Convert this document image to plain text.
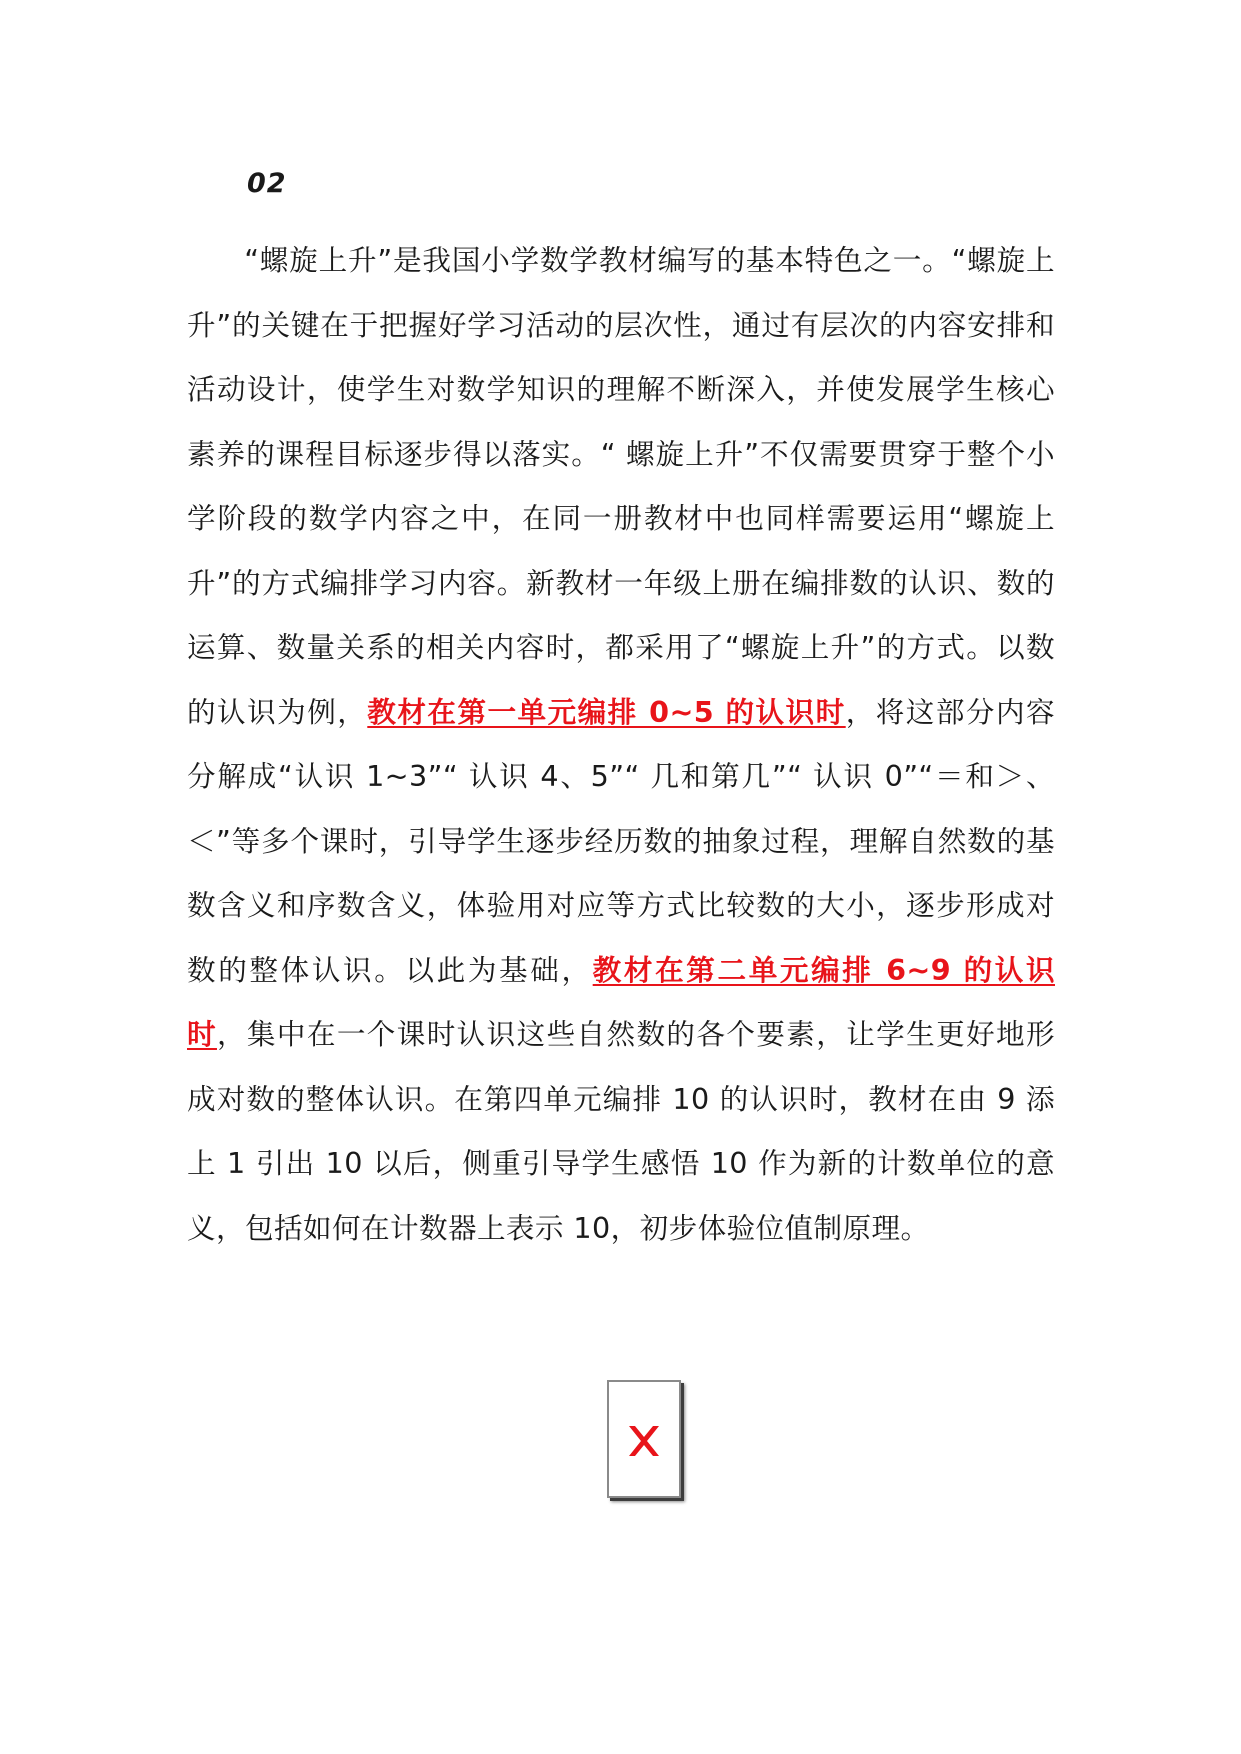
02

“螺旋上升”是我国小学数学教材编写的基本特色之一。“螺旋上升”的关键在于把握好学习活动的层次性，通过有层次的内容安排和活动设计，使学生对数学知识的理解不断深入，并使发展学生核心素养的课程目标逐步得以落实。“ 螺旋上升”不仅需要贯穿于整个小学阶段的数学内容之中，在同一册教材中也同样需要运用“螺旋上升”的方式编排学习内容。新教材一年级上册在编排数的认识、数的运算、数量关系的相关内容时，都采用了“螺旋上升”的方式。以数的认识为例，教材在第一单元编排 0~5 的认识时，将这部分内容分解成“认识 1~3”“ 认识 4、5”“ 几和第几”“ 认识 0”“＝和＞、＜”等多个课时，引导学生逐步经历数的抽象过程，理解自然数的基数含义和序数含义，体验用对应等方式比较数的大小，逐步形成对数的整体认识。以此为基础，教材在第二单元编排 6~9 的认识时，集中在一个课时认识这些自然数的各个要素，让学生更好地形成对数的整体认识。在第四单元编排 10 的认识时，教材在由 9 添上 1 引出 10 以后，侧重引导学生感悟 10 作为新的计数单位的意义，包括如何在计数器上表示 10，初步体验位值制原理。
